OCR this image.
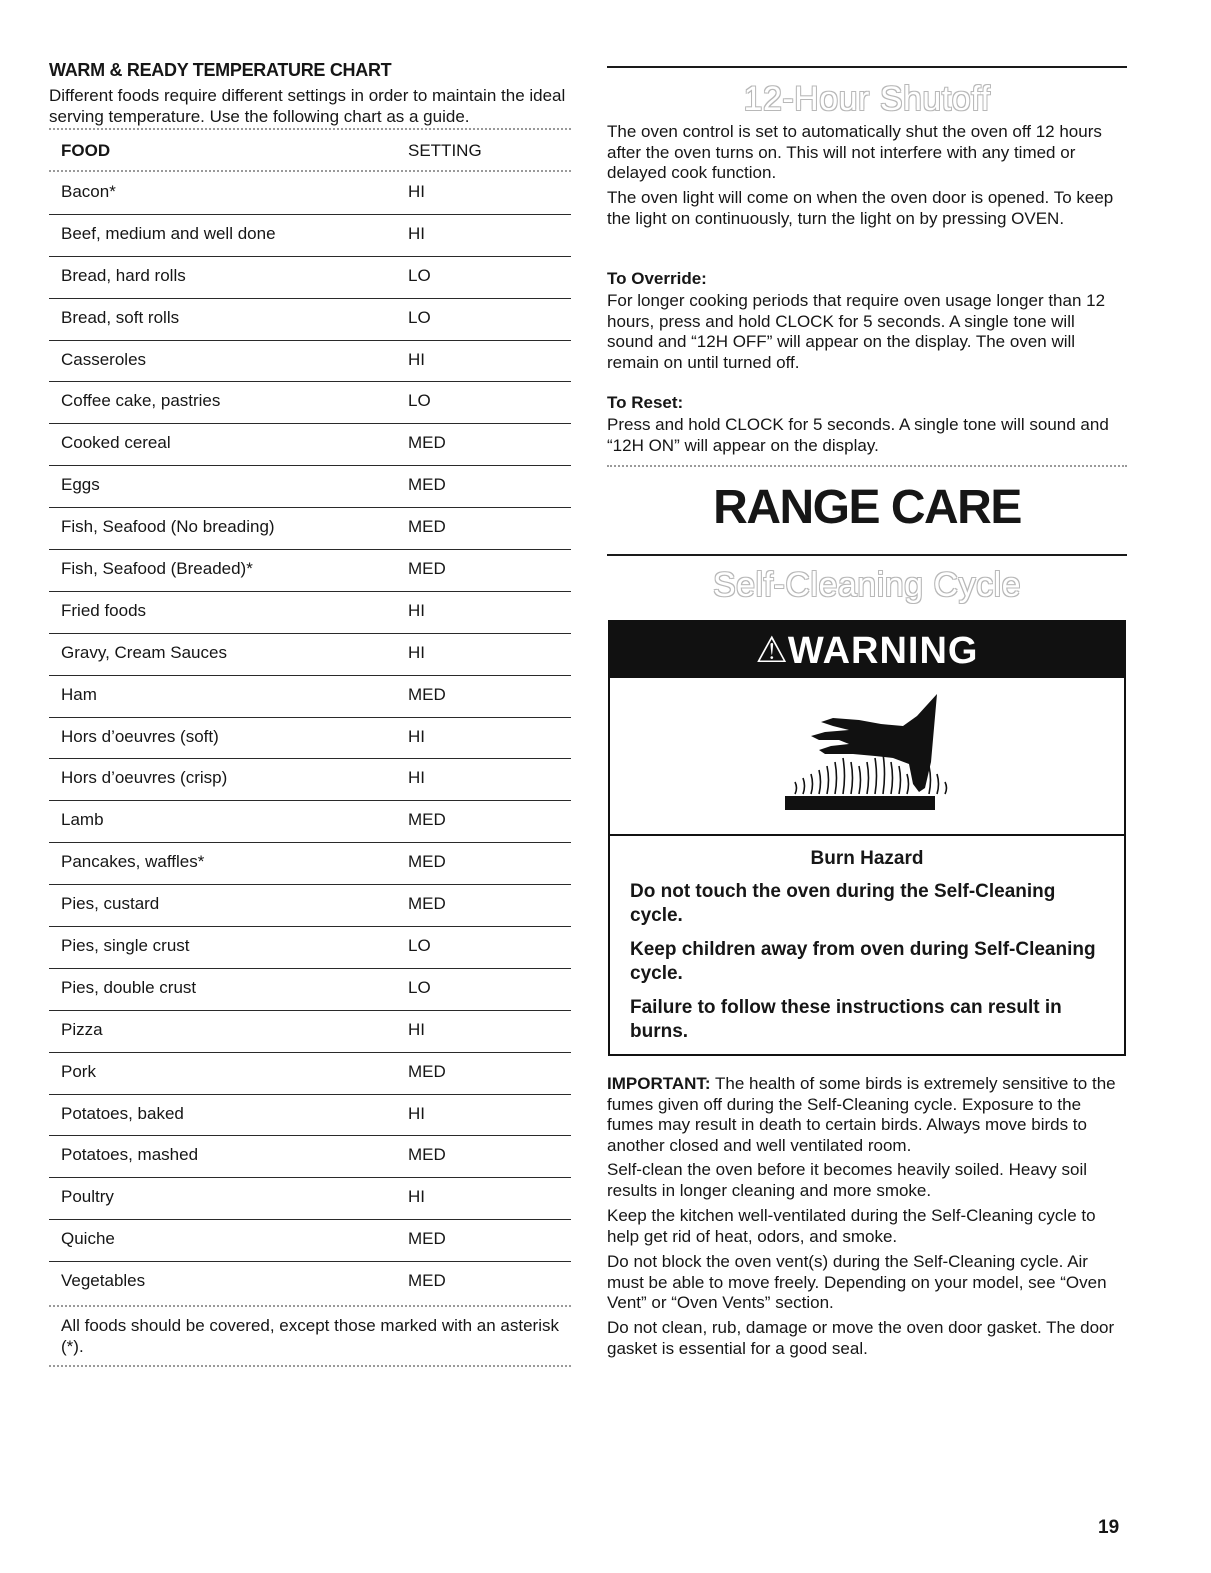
WARM & READY TEMPERATURE CHART
Different foods require different settings in order to maintain the ideal serving temperature. Use the following chart as a guide.
FOOD	SETTING
Bacon*	HI
Beef, medium and well done	HI
Bread, hard rolls	LO
Bread, soft rolls	LO
Casseroles	HI
Coffee cake, pastries	LO
Cooked cereal	MED
Eggs	MED
Fish, Seafood (No breading)	MED
Fish, Seafood (Breaded)*	MED
Fried foods	HI
Gravy, Cream Sauces	HI
Ham	MED
Hors d’oeuvres (soft)	HI
Hors d’oeuvres (crisp)	HI
Lamb	MED
Pancakes, waffles*	MED
Pies, custard	MED
Pies, single crust	LO
Pies, double crust	LO
Pizza	HI
Pork	MED
Potatoes, baked	HI
Potatoes, mashed	MED
Poultry	HI
Quiche	MED
Vegetables	MED
All foods should be covered, except those marked with an asterisk (*).
12-Hour Shutoff
The oven control is set to automatically shut the oven off 12 hours after the oven turns on. This will not interfere with any timed or delayed cook function.
The oven light will come on when the oven door is opened. To keep the light on continuously, turn the light on by pressing OVEN.
To Override:
For longer cooking periods that require oven usage longer than 12 hours, press and hold CLOCK for 5 seconds. A single tone will sound and “12H OFF” will appear on the display. The oven will remain on until turned off.
To Reset:
Press and hold CLOCK for 5 seconds. A single tone will sound and “12H ON” will appear on the display.
RANGE CARE
Self-Cleaning Cycle
⚠WARNING
Burn Hazard
Do not touch the oven during the Self-Cleaning cycle.
Keep children away from oven during Self-Cleaning cycle.
Failure to follow these instructions can result in burns.
IMPORTANT: The health of some birds is extremely sensitive to the fumes given off during the Self-Cleaning cycle. Exposure to the fumes may result in death to certain birds. Always move birds to another closed and well ventilated room.
Self-clean the oven before it becomes heavily soiled. Heavy soil results in longer cleaning and more smoke.
Keep the kitchen well-ventilated during the Self-Cleaning cycle to help get rid of heat, odors, and smoke.
Do not block the oven vent(s) during the Self-Cleaning cycle. Air must be able to move freely. Depending on your model, see “Oven Vent” or “Oven Vents” section.
Do not clean, rub, damage or move the oven door gasket. The door gasket is essential for a good seal.
19
